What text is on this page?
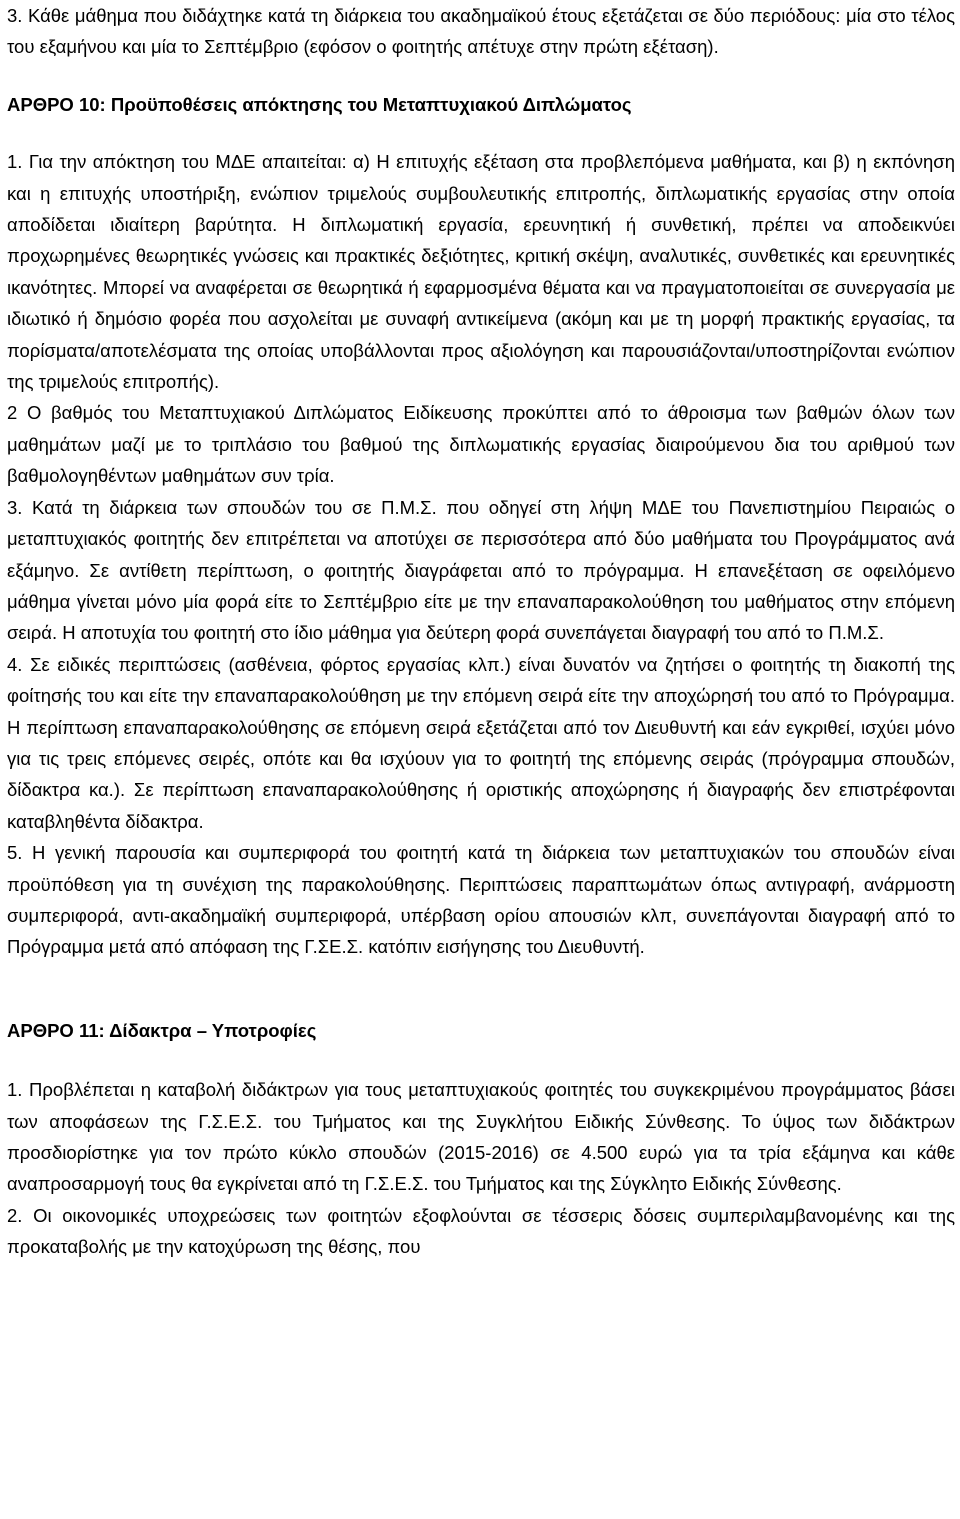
3. Κάθε μάθημα που διδάχτηκε κατά τη διάρκεια του ακαδημαϊκού έτους εξετάζεται σε δύο περιόδους: μία στο τέλος του εξαμήνου και μία το Σεπτέμβριο (εφόσον ο φοιτητής απέτυχε στην πρώτη εξέταση).

ΑΡΘΡΟ 10: Προϋποθέσεις απόκτησης του Μεταπτυχιακού Διπλώματος

1. Για την απόκτηση του ΜΔΕ απαιτείται: α) Η επιτυχής εξέταση στα προβλεπόμενα μαθήματα, και β) η εκπόνηση και η επιτυχής υποστήριξη, ενώπιον τριμελούς συμβουλευτικής επιτροπής, διπλωματικής εργασίας στην οποία αποδίδεται ιδιαίτερη βαρύτητα. Η διπλωματική εργασία, ερευνητική ή συνθετική, πρέπει να αποδεικνύει προχωρημένες θεωρητικές γνώσεις και πρακτικές δεξιότητες, κριτική σκέψη, αναλυτικές, συνθετικές και ερευνητικές ικανότητες. Μπορεί να αναφέρεται σε θεωρητικά ή εφαρμοσμένα θέματα και να πραγματοποιείται σε συνεργασία με ιδιωτικό ή δημόσιο φορέα που ασχολείται με συναφή αντικείμενα (ακόμη και με τη μορφή πρακτικής εργασίας, τα πορίσματα/αποτελέσματα της οποίας υποβάλλονται προς αξιολόγηση και παρουσιάζονται/υποστηρίζονται ενώπιον της τριμελούς επιτροπής).

2 Ο βαθμός του Μεταπτυχιακού Διπλώματος Ειδίκευσης προκύπτει από το άθροισμα των βαθμών όλων των μαθημάτων μαζί με το τριπλάσιο του βαθμού της διπλωματικής εργασίας διαιρούμενου δια του αριθμού των βαθμολογηθέντων μαθημάτων συν τρία.

3. Κατά τη διάρκεια των σπουδών του σε Π.Μ.Σ. που οδηγεί στη λήψη ΜΔΕ του Πανεπιστημίου Πειραιώς ο μεταπτυχιακός φοιτητής δεν επιτρέπεται να αποτύχει σε περισσότερα από δύο μαθήματα του Προγράμματος ανά εξάμηνο. Σε αντίθετη περίπτωση, ο φοιτητής διαγράφεται από το πρόγραμμα. Η επανεξέταση σε οφειλόμενο μάθημα γίνεται μόνο μία φορά είτε το Σεπτέμβριο είτε με την επαναπαρακολούθηση του μαθήματος στην επόμενη σειρά. Η αποτυχία του φοιτητή στο ίδιο μάθημα για δεύτερη φορά συνεπάγεται διαγραφή του από το Π.Μ.Σ.

4. Σε ειδικές περιπτώσεις (ασθένεια, φόρτος εργασίας κλπ.) είναι δυνατόν να ζητήσει ο φοιτητής τη διακοπή της φοίτησής του και είτε την επαναπαρακολούθηση με την επόμενη σειρά είτε την αποχώρησή του από το Πρόγραμμα. Η περίπτωση επαναπαρακολούθησης σε επόμενη σειρά εξετάζεται από τον Διευθυντή και εάν εγκριθεί, ισχύει μόνο για τις τρεις επόμενες σειρές, οπότε και θα ισχύουν για το φοιτητή της επόμενης σειράς (πρόγραμμα σπουδών, δίδακτρα κα.). Σε περίπτωση επαναπαρακολούθησης ή οριστικής αποχώρησης ή διαγραφής δεν επιστρέφονται καταβληθέντα δίδακτρα.

5. Η γενική παρουσία και συμπεριφορά του φοιτητή κατά τη διάρκεια των μεταπτυχιακών του σπουδών είναι προϋπόθεση για τη συνέχιση της παρακολούθησης. Περιπτώσεις παραπτωμάτων όπως αντιγραφή, ανάρμοστη συμπεριφορά, αντι-ακαδημαϊκή συμπεριφορά, υπέρβαση ορίου απουσιών κλπ, συνεπάγονται διαγραφή από το Πρόγραμμα μετά από απόφαση της Γ.ΣΕ.Σ. κατόπιν εισήγησης του Διευθυντή.

ΑΡΘΡΟ 11: Δίδακτρα – Υποτροφίες

1. Προβλέπεται η καταβολή διδάκτρων για τους μεταπτυχιακούς φοιτητές του συγκεκριμένου προγράμματος βάσει των αποφάσεων της Γ.Σ.Ε.Σ. του Τμήματος και της Συγκλήτου Ειδικής Σύνθεσης. Το ύψος των διδάκτρων προσδιορίστηκε για τον πρώτο κύκλο σπουδών (2015-2016) σε 4.500 ευρώ για τα τρία εξάμηνα και κάθε αναπροσαρμογή τους θα εγκρίνεται από τη Γ.Σ.Ε.Σ. του Τμήματος και της Σύγκλητο Ειδικής Σύνθεσης.

2. Οι οικονομικές υποχρεώσεις των φοιτητών εξοφλούνται σε τέσσερις δόσεις συμπεριλαμβανομένης και της προκαταβολής με την κατοχύρωση της θέσης, που
